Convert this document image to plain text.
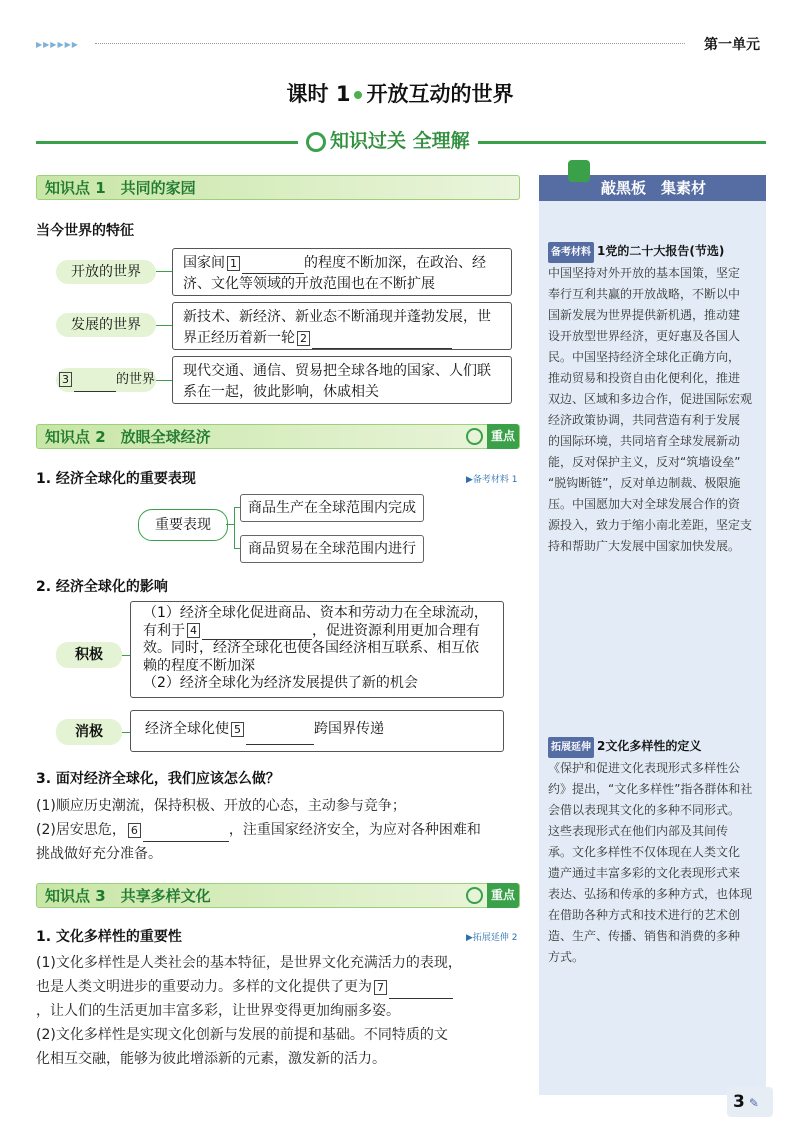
▶▶▶▶▶▶	第一单元
课时 1 开放互动的世界
知识过关 全理解
知识点 1　共同的家园
当今世界的特征
开放的世界
国家间 1	的程度不断加深，在政治、经济、文化等领域的开放范围也在不断扩展
发展的世界	新技术、新经济、新业态不断涌现并蓬勃发展，世界正经历着新一轮 2
3	的世界
现代交通、通信、贸易把全球各地的国家、人们联系在一起，彼此影响，休戚相关
知识点 2　放眼全球经济	重点
1. 经济全球化的重要表现	▶备考材料 1
重要表现
商品生产在全球范围内完成
商品贸易在全球范围内进行
2. 经济全球化的影响
积极
（1）经济全球化促进商品、资本和劳动力在全球流动，
有利于 4	，促进资源利用更加合理有效。同时，经济全球化也使各国经济相互联系、相互依赖的程度不断加深
（2）经济全球化为经济发展提供了新的机会
消极	经济全球化使 5	跨国界传递
3. 面对经济全球化，我们应该怎么做？
(1)顺应历史潮流，保持积极、开放的心态，主动参与竞争；
(2)居安思危， 6	，注重国家经济安全，为应对各种困难和
挑战做好充分准备。
知识点 3　共享多样文化	重点
1. 文化多样性的重要性	▶拓展延伸 2
(1)文化多样性是人类社会的基本特征，是世界文化充满活力的表现，
也是人类文明进步的重要动力。多样的文化提供了更为 7
，让人们的生活更加丰富多彩，让世界变得更加绚丽多姿。
(2)文化多样性是实现文化创新与发展的前提和基础。不同特质的文
化相互交融，能够为彼此增添新的元素，激发新的活力。
敲黑板　集素材
备考材料 1党的二十大报告(节选)
中国坚持对外开放的基本国策，坚定
奉行互利共赢的开放战略，不断以中
国新发展为世界提供新机遇，推动建
设开放型世界经济，更好惠及各国人
民。中国坚持经济全球化正确方向，
推动贸易和投资自由化便利化，推进
双边、区域和多边合作，促进国际宏观
经济政策协调，共同营造有利于发展
的国际环境，共同培育全球发展新动
能，反对保护主义，反对“筑墙设垒”
“脱钩断链”，反对单边制裁、极限施
压。中国愿加大对全球发展合作的资
源投入，致力于缩小南北差距，坚定支
持和帮助广大发展中国家加快发展。
拓展延伸 2文化多样性的定义
《保护和促进文化表现形式多样性公
约》提出，“文化多样性”指各群体和社
会借以表现其文化的多种不同形式。
这些表现形式在他们内部及其间传
承。文化多样性不仅体现在人类文化
遗产通过丰富多彩的文化表现形式来
表达、弘扬和传承的多种方式，也体现
在借助各种方式和技术进行的艺术创
造、生产、传播、销售和消费的多种
方式。
3 ✎
